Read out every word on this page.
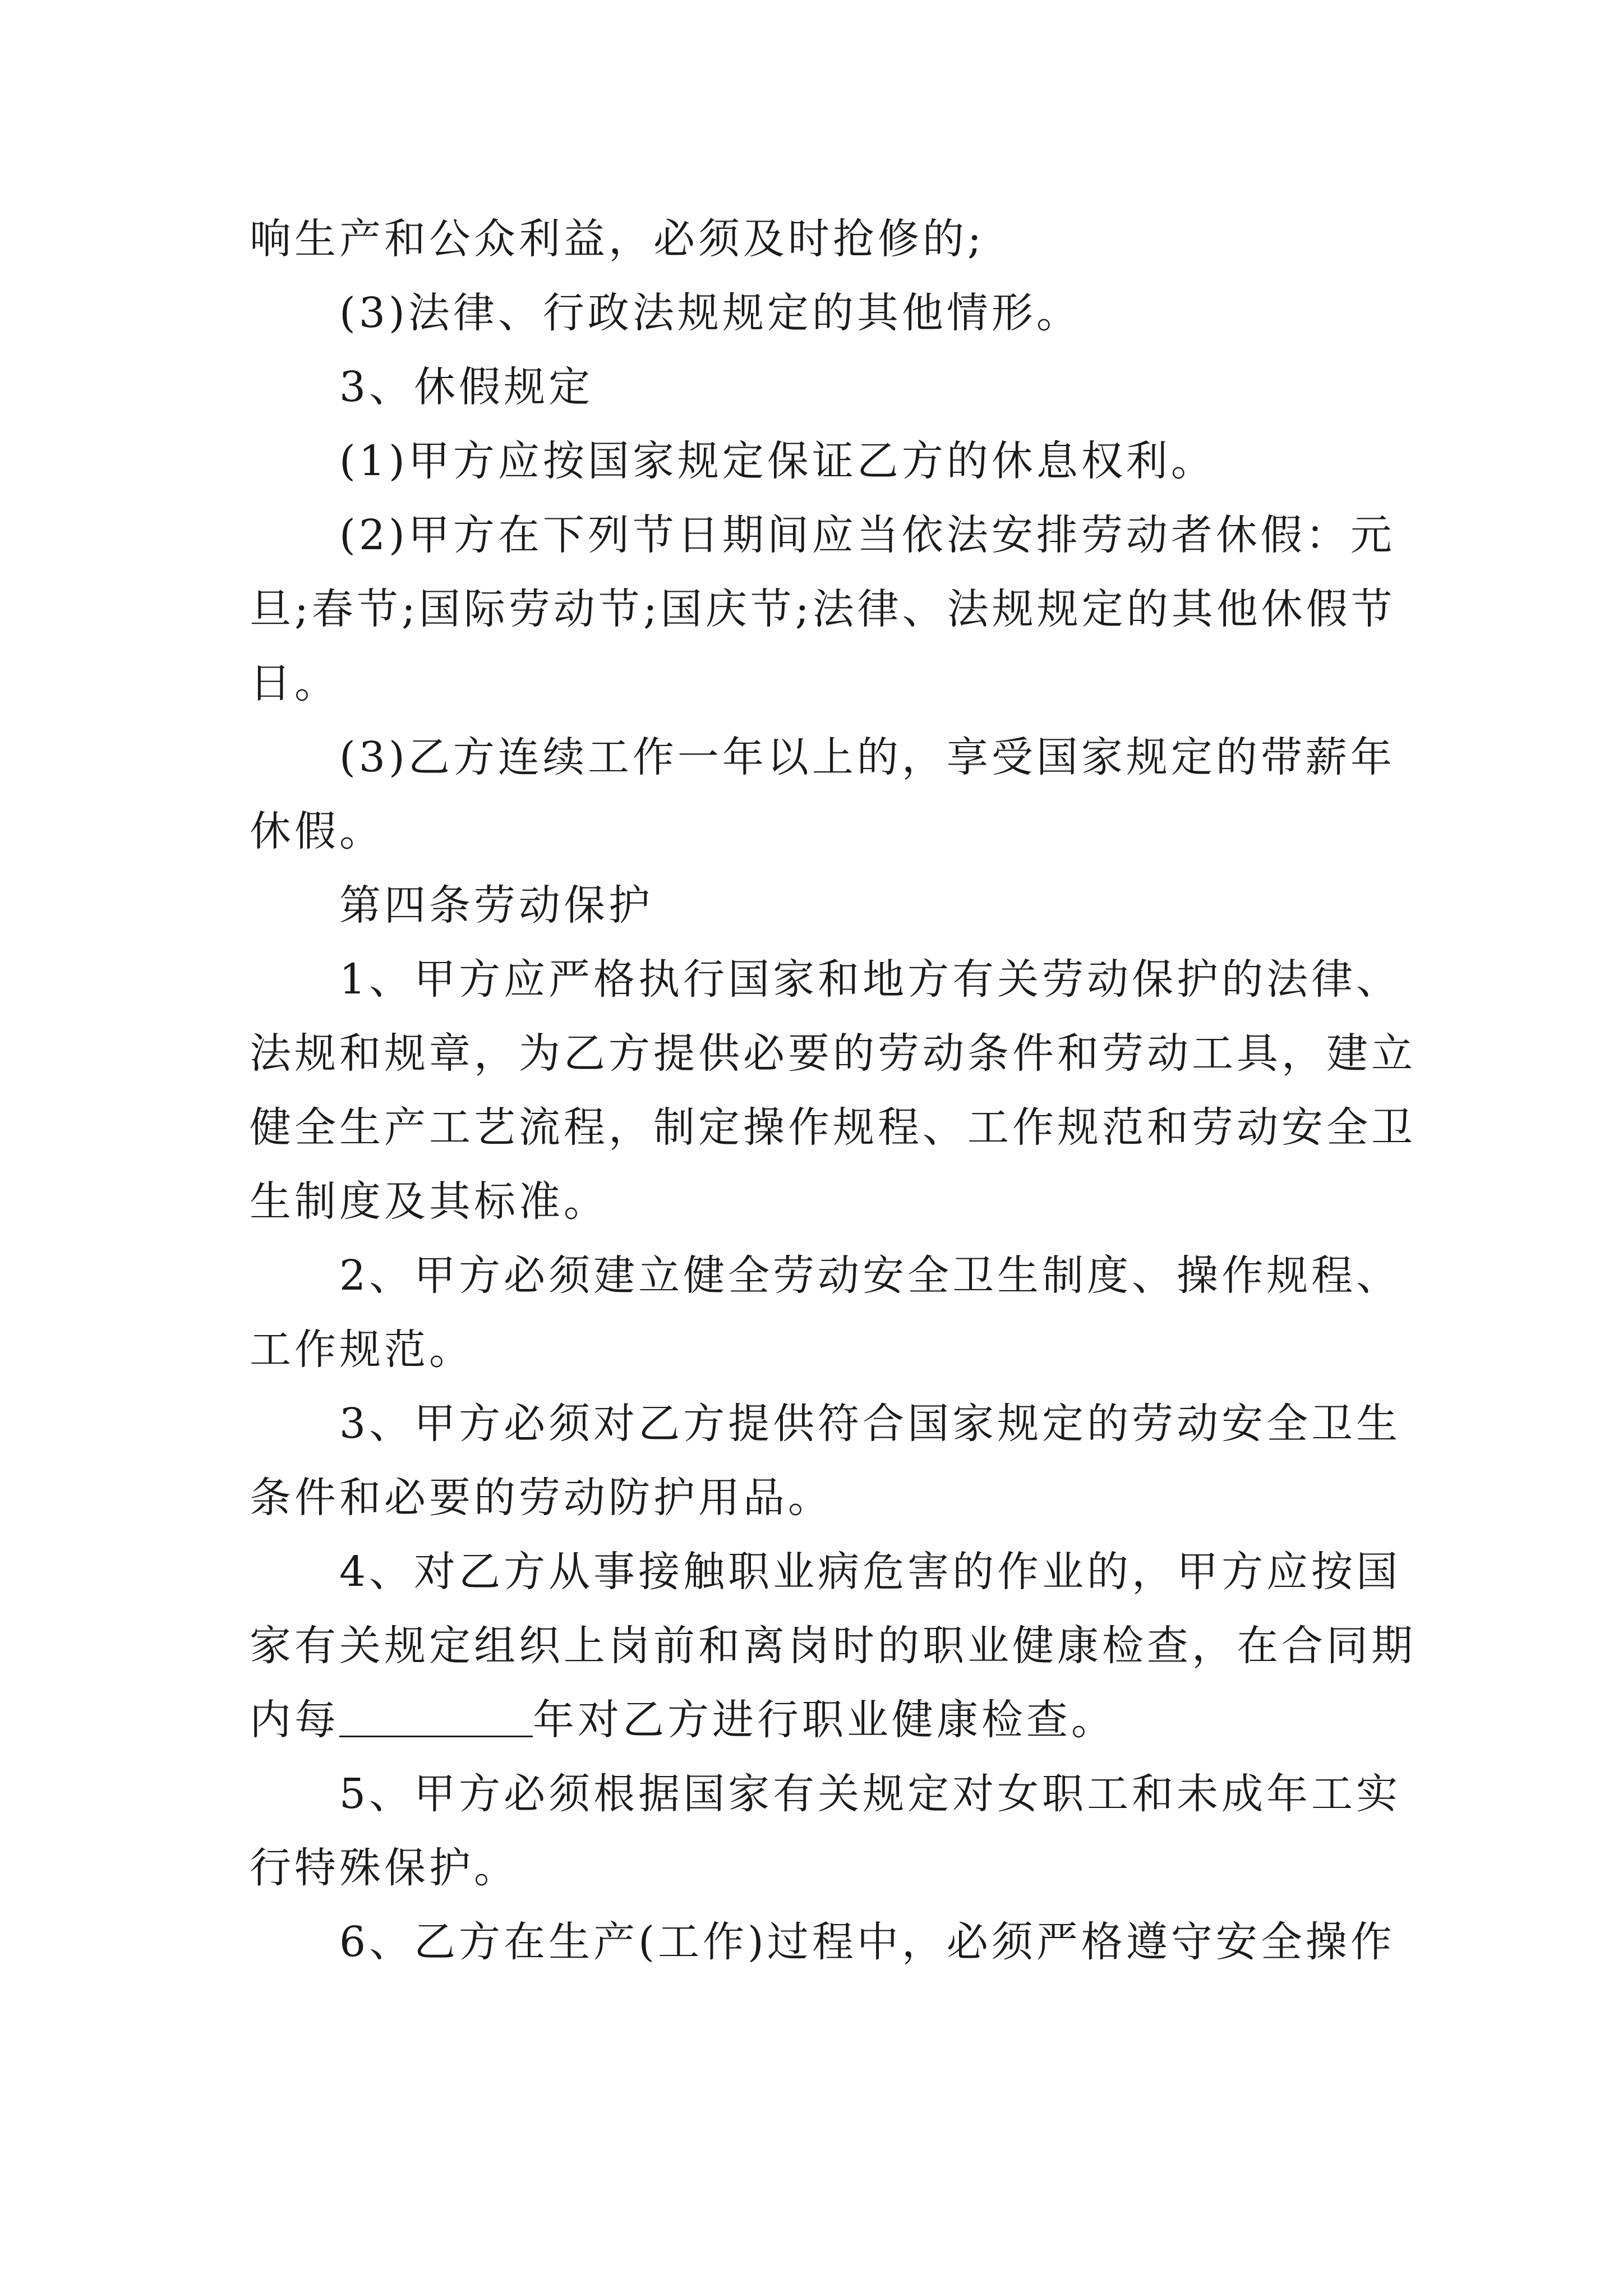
响生产和公众利益，必须及时抢修的;

(3)法律、行政法规规定的其他情形。

3、休假规定

(1)甲方应按国家规定保证乙方的休息权利。

(2)甲方在下列节日期间应当依法安排劳动者休假：元
旦;春节;国际劳动节;国庆节;法律、法规规定的其他休假节
日。

(3)乙方连续工作一年以上的，享受国家规定的带薪年
休假。

第四条劳动保护

1、甲方应严格执行国家和地方有关劳动保护的法律、
法规和规章，为乙方提供必要的劳动条件和劳动工具，建立
健全生产工艺流程，制定操作规程、工作规范和劳动安全卫
生制度及其标准。

2、甲方必须建立健全劳动安全卫生制度、操作规程、
工作规范。

3、甲方必须对乙方提供符合国家规定的劳动安全卫生
条件和必要的劳动防护用品。

4、对乙方从事接触职业病危害的作业的，甲方应按国
家有关规定组织上岗前和离岗时的职业健康检查，在合同期

内每	年对乙方进行职业健康检查。

5、甲方必须根据国家有关规定对女职工和未成年工实
行特殊保护。

6、乙方在生产(工作)过程中，必须严格遵守安全操作
